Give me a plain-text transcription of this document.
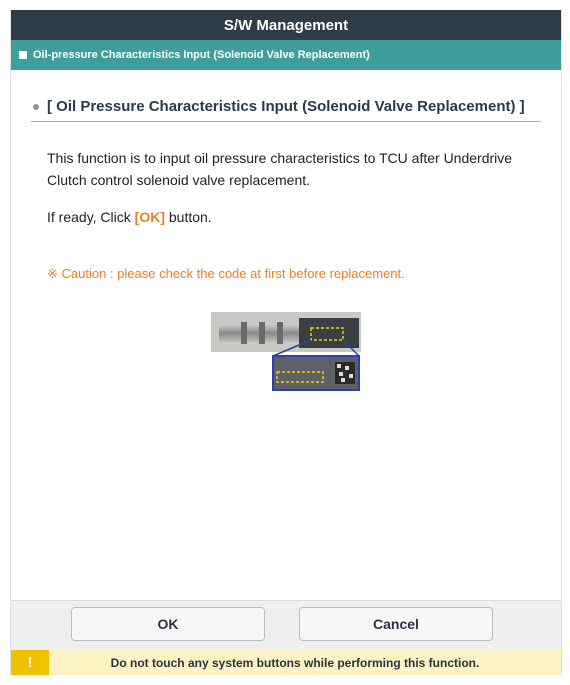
S/W Management
Oil-pressure Characteristics Input (Solenoid Valve Replacement)
[ Oil Pressure Characteristics Input (Solenoid Valve Replacement) ]

This function is to input oil pressure characteristics to TCU after Underdrive Clutch control solenoid valve replacement.

If ready, Click [OK] button.

※ Caution : please check the code at first before replacement.

OK	Cancel
!	Do not touch any system buttons while performing this function.
